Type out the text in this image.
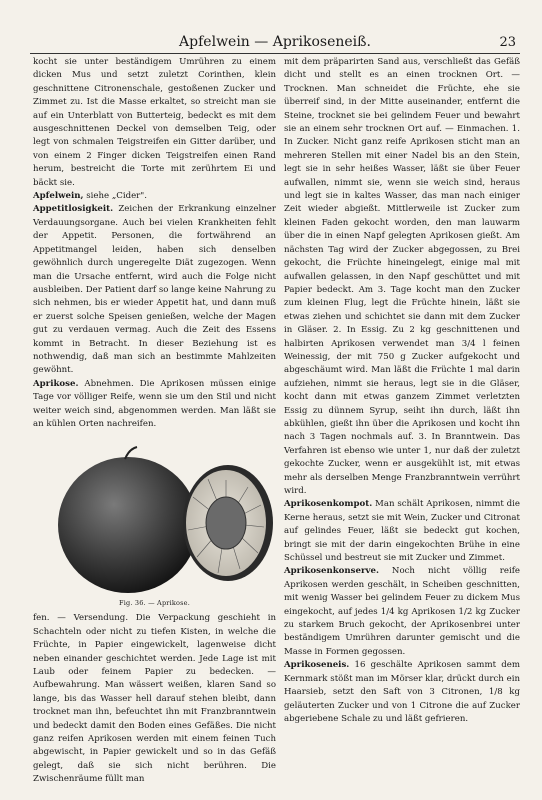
Apfelwein — Aprikoseneiß.	23

kocht sie unter beständigem Umrühren zu einem dicken Mus und setzt zuletzt Corinthen, klein geschnittene Citronenschale, gestoßenen Zucker und Zimmet zu. Ist die Masse erkaltet, so streicht man sie auf ein Unterblatt von Butterteig, bedeckt es mit dem ausgeschnittenen Deckel von demselben Teig, oder legt von schmalen Teigstreifen ein Gitter darüber, und von einem 2 Finger dicken Teigstreifen einen Rand herum, bestreicht die Torte mit zerührtem Ei und bäckt sie.

Apfelwein, siehe „Cider".

Appetitlosigkeit. Zeichen der Erkrankung einzelner Verdauungsorgane. Auch bei vielen Krankheiten fehlt der Appetit. Personen, die fortwährend an Appetitmangel leiden, haben sich denselben gewöhnlich durch ungeregelte Diät zugezogen. Wenn man die Ursache entfernt, wird auch die Folge nicht ausbleiben. Der Patient darf so lange keine Nahrung zu sich nehmen, bis er wieder Appetit hat, und dann muß er zuerst solche Speisen genießen, welche der Magen gut zu verdauen vermag. Auch die Zeit des Essens kommt in Betracht. In dieser Beziehung ist es nothwendig, daß man sich an bestimmte Mahlzeiten gewöhnt.

Aprikose. Abnehmen. Die Aprikosen müssen einige Tage vor völliger Reife, wenn sie um den Stil und nicht weiter weich sind, abgenommen werden. Man läßt sie an kühlen Orten nachreifen.

Fig. 36. — Aprikose.

fen. — Versendung. Die Verpackung geschieht in Schachteln oder nicht zu tiefen Kisten, in welche die Früchte, in Papier eingewickelt, lagenweise dicht neben einander geschichtet werden. Jede Lage ist mit Laub oder feinem Papier zu bedecken. — Aufbewahrung. Man wässert weißen, klaren Sand so lange, bis das Wasser hell darauf stehen bleibt, dann trocknet man ihn, befeuchtet ihn mit Franzbranntwein und bedeckt damit den Boden eines Gefäßes. Die nicht ganz reifen Aprikosen werden mit einem feinen Tuch abgewischt, in Papier gewickelt und so in das Gefäß gelegt, daß sie sich nicht berühren. Die Zwischenräume füllt man

mit dem präparirten Sand aus, verschließt das Gefäß dicht und stellt es an einen trocknen Ort. — Trocknen. Man schneidet die Früchte, ehe sie überreif sind, in der Mitte auseinander, entfernt die Steine, trocknet sie bei gelindem Feuer und bewahrt sie an einem sehr trocknen Ort auf. — Einmachen. 1. In Zucker. Nicht ganz reife Aprikosen sticht man an mehreren Stellen mit einer Nadel bis an den Stein, legt sie in sehr heißes Wasser, läßt sie über Feuer aufwallen, nimmt sie, wenn sie weich sind, heraus und legt sie in kaltes Wasser, das man nach einiger Zeit wieder abgießt. Mittlerweile ist Zucker zum kleinen Faden gekocht worden, den man lauwarm über die in einen Napf gelegten Aprikosen gießt. Am nächsten Tag wird der Zucker abgegossen, zu Brei gekocht, die Früchte hineingelegt, einige mal mit aufwallen gelassen, in den Napf geschüttet und mit Papier bedeckt. Am 3. Tage kocht man den Zucker zum kleinen Flug, legt die Früchte hinein, läßt sie etwas ziehen und schichtet sie dann mit dem Zucker in Gläser. 2. In Essig. Zu 2 kg geschnittenen und halbirten Aprikosen verwendet man 3/4 l feinen Weinessig, der mit 750 g Zucker aufgekocht und abgeschäumt wird. Man läßt die Früchte 1 mal darin aufziehen, nimmt sie heraus, legt sie in die Gläser, kocht dann mit etwas ganzem Zimmet verletzten Essig zu dünnem Syrup, seiht ihn durch, läßt ihn abkühlen, gießt ihn über die Aprikosen und kocht ihn nach 3 Tagen nochmals auf. 3. In Branntwein. Das Verfahren ist ebenso wie unter 1, nur daß der zuletzt gekochte Zucker, wenn er ausgekühlt ist, mit etwas mehr als derselben Menge Franzbranntwein verrührt wird.

Aprikosenkompot. Man schält Aprikosen, nimmt die Kerne heraus, setzt sie mit Wein, Zucker und Citronat auf gelindes Feuer, läßt sie bedeckt gut kochen, bringt sie mit der darin eingekochten Brühe in eine Schüssel und bestreut sie mit Zucker und Zimmet.

Aprikosenkonserve. Noch nicht völlig reife Aprikosen werden geschält, in Scheiben geschnitten, mit wenig Wasser bei gelindem Feuer zu dickem Mus eingekocht, auf jedes 1/4 kg Aprikosen 1/2 kg Zucker zu starkem Bruch gekocht, der Aprikosenbrei unter beständigem Umrühren darunter gemischt und die Masse in Formen gegossen.

Aprikoseneis. 16 geschälte Aprikosen sammt dem Kernmark stößt man im Mörser klar, drückt durch ein Haarsieb, setzt den Saft von 3 Citronen, 1/8 kg geläuterten Zucker und von 1 Citrone die auf Zucker abgeriebene Schale zu und läßt gefrieren.
